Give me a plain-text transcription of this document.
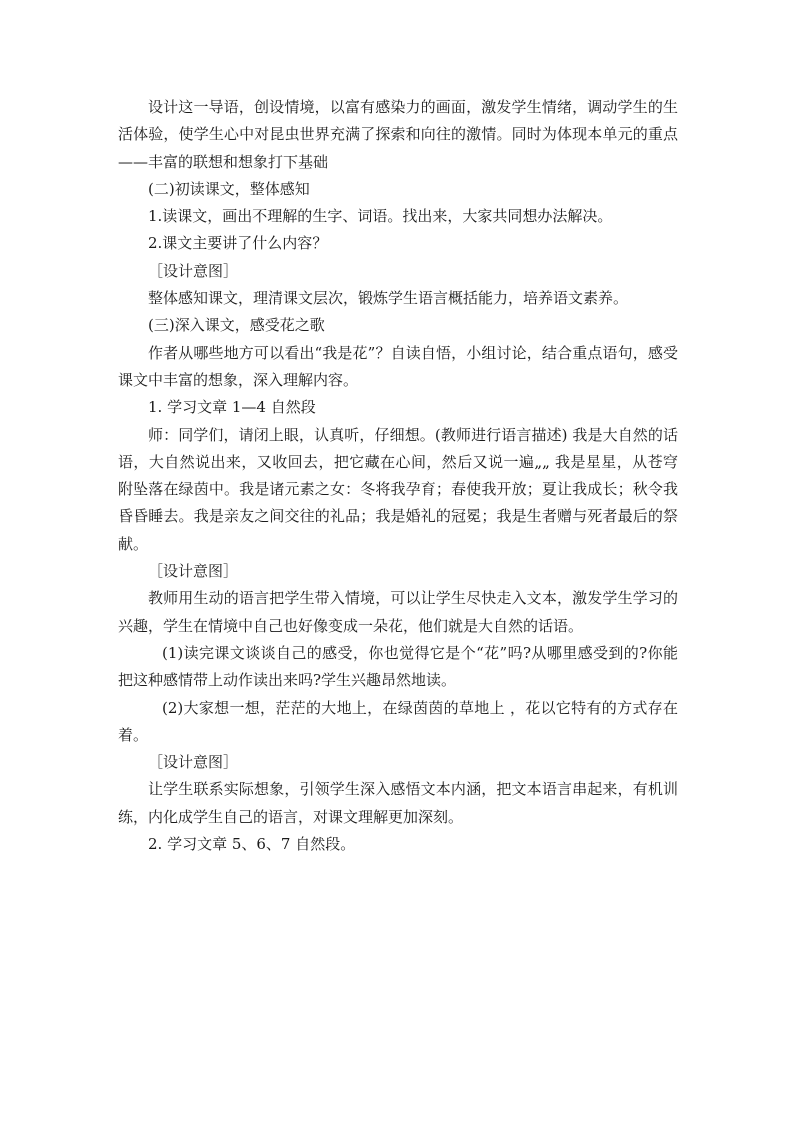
设计这一导语，创设情境，以富有感染力的画面，激发学生情绪，调动学生的生活体验，使学生心中对昆虫世界充满了探索和向往的激情。同时为体现本单元的重点——丰富的联想和想象打下基础

(二)初读课文，整体感知

1.读课文，画出不理解的生字、词语。找出来，大家共同想办法解决。

2.课文主要讲了什么内容？

［设计意图］

整体感知课文，理清课文层次，锻炼学生语言概括能力，培养语文素养。

(三)深入课文，感受花之歌

作者从哪些地方可以看出“我是花”？自读自悟，小组讨论，结合重点语句，感受课文中丰富的想象，深入理解内容。

1. 学习文章 1—4 自然段

师：同学们，请闭上眼，认真听，仔细想。(教师进行语言描述) 我是大自然的话语，大自然说出来，又收回去，把它藏在心间，然后又说一遍„„ 我是星星，从苍穹附坠落在绿茵中。我是诸元素之女：冬将我孕育；春使我开放；夏让我成长；秋令我昏昏睡去。我是亲友之间交往的礼品；我是婚礼的冠冕；我是生者赠与死者最后的祭献。

［设计意图］

教师用生动的语言把学生带入情境，可以让学生尽快走入文本，激发学生学习的兴趣，学生在情境中自己也好像变成一朵花，他们就是大自然的话语。

(1)读完课文谈谈自己的感受，你也觉得它是个“花”吗?从哪里感受到的?你能把这种感情带上动作读出来吗?学生兴趣昂然地读。

(2)大家想一想，茫茫的大地上，在绿茵茵的草地上 ，花以它特有的方式存在着。

［设计意图］

让学生联系实际想象，引领学生深入感悟文本内涵，把文本语言串起来，有机训练，内化成学生自己的语言，对课文理解更加深刻。

2. 学习文章 5、6、7 自然段。
